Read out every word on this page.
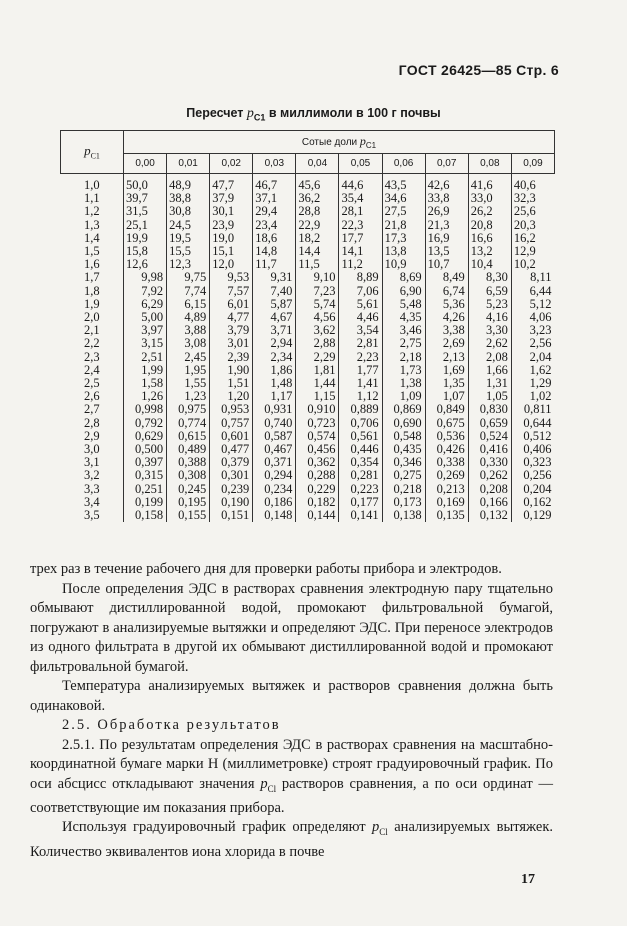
ГОСТ 26425—85 Стр. 6
Пересчет $p_{C1}$ в миллимоли в 100 г почвы
$p_{C1}$	Сотые доли $p_{C1}$
	0,00	0,01	0,02	0,03	0,04	0,05	0,06	0,07	0,08	0,09
1,0	50,0	48,9	47,7	46,7	45,6	44,6	43,5	42,6	41,6	40,6
1,1	39,7	38,8	37,9	37,1	36,2	35,4	34,6	33,8	33,0	32,3
1,2	31,5	30,8	30,1	29,4	28,8	28,1	27,5	26,9	26,2	25,6
1,3	25,1	24,5	23,9	23,4	22,9	22,3	21,8	21,3	20,8	20,3
1,4	19,9	19,5	19,0	18,6	18,2	17,7	17,3	16,9	16,6	16,2
1,5	15,8	15,5	15,1	14,8	14,4	14,1	13,8	13,5	13,2	12,9
1,6	12,6	12,3	12,0	11,7	11,5	11,2	10,9	10,7	10,4	10,2
1,7	9,98	9,75	9,53	9,31	9,10	8,89	8,69	8,49	8,30	8,11
1,8	7,92	7,74	7,57	7,40	7,23	7,06	6,90	6,74	6,59	6,44
1,9	6,29	6,15	6,01	5,87	5,74	5,61	5,48	5,36	5,23	5,12
2,0	5,00	4,89	4,77	4,67	4,56	4,46	4,35	4,26	4,16	4,06
2,1	3,97	3,88	3,79	3,71	3,62	3,54	3,46	3,38	3,30	3,23
2,2	3,15	3,08	3,01	2,94	2,88	2,81	2,75	2,69	2,62	2,56
2,3	2,51	2,45	2,39	2,34	2,29	2,23	2,18	2,13	2,08	2,04
2,4	1,99	1,95	1,90	1,86	1,81	1,77	1,73	1,69	1,66	1,62
2,5	1,58	1,55	1,51	1,48	1,44	1,41	1,38	1,35	1,31	1,29
2,6	1,26	1,23	1,20	1,17	1,15	1,12	1,09	1,07	1,05	1,02
2,7	0,998	0,975	0,953	0,931	0,910	0,889	0,869	0,849	0,830	0,811
2,8	0,792	0,774	0,757	0,740	0,723	0,706	0,690	0,675	0,659	0,644
2,9	0,629	0,615	0,601	0,587	0,574	0,561	0,548	0,536	0,524	0,512
3,0	0,500	0,489	0,477	0,467	0,456	0,446	0,435	0,426	0,416	0,406
3,1	0,397	0,388	0,379	0,371	0,362	0,354	0,346	0,338	0,330	0,323
3,2	0,315	0,308	0,301	0,294	0,288	0,281	0,275	0,269	0,262	0,256
3,3	0,251	0,245	0,239	0,234	0,229	0,223	0,218	0,213	0,208	0,204
3,4	0,199	0,195	0,190	0,186	0,182	0,177	0,173	0,169	0,166	0,162
3,5	0,158	0,155	0,151	0,148	0,144	0,141	0,138	0,135	0,132	0,129

трех раз в течение рабочего дня для проверки работы прибора и электродов.

После определения ЭДС в растворах сравнения электродную пару тщательно обмывают дистиллированной водой, промокают фильтровальной бумагой, погружают в анализируемые вытяжки и определяют ЭДС. При переносе электродов из одного фильтрата в другой их обмывают дистиллированной водой и промокают фильтровальной бумагой.

Температура анализируемых вытяжек и растворов сравнения должна быть одинаковой.

2.5. Обработка результатов

2.5.1. По результатам определения ЭДС в растворах сравнения на масштабно-координатной бумаге марки Н (миллиметровке) строят градуировочный график. По оси абсцисс откладывают значения $p_{Cl}$ растворов сравнения, а по оси ординат — соответствующие им показания прибора.

Используя градуировочный график определяют $p_{Cl}$ анализируемых вытяжек. Количество эквивалентов иона хлорида в почве

17
